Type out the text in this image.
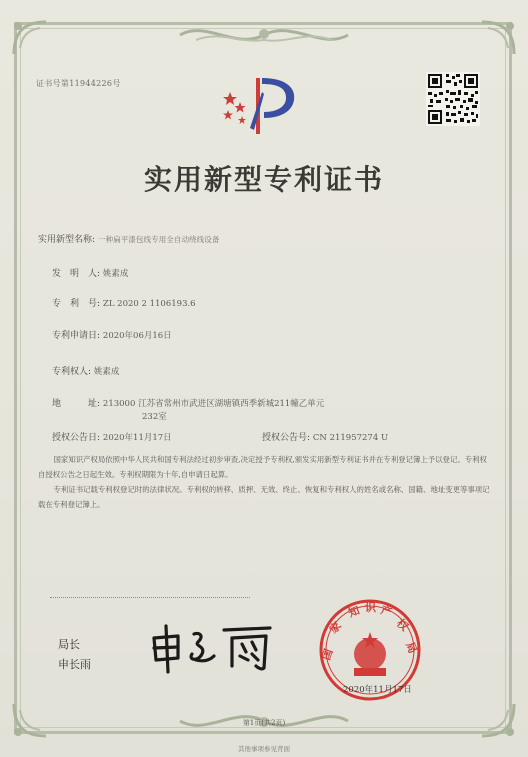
证书号第11944226号
实用新型专利证书
实用新型名称: 一种扁平漆包线专用全自动绕线设备
发　明　人: 姚素成
专　利　号: ZL 2020 2 1106193.6
专利申请日: 2020年06月16日
专利权人: 姚素成
地　　　址: 213000 江苏省常州市武进区湖塘镇西季新城211幢乙单元
232室
授权公告日: 2020年11月17日	授权公告号: CN 211957274 U

国家知识产权局依照中华人民共和国专利法经过初步审查,决定授予专利权,颁发实用新型专利证书并在专利登记簿上予以登记。专利权自授权公告之日起生效。专利权期限为十年,自申请日起算。

专利证书记载专利权登记时的法律状况。专利权的转移、质押、无效、终止、恢复和专利权人的姓名或名称、国籍、地址变更等事项记载在专利登记簿上。

局长
申长雨
国
家
知 识 产
权
局
2020年11月17日
第1页(共2页)
其他事项参见背面
